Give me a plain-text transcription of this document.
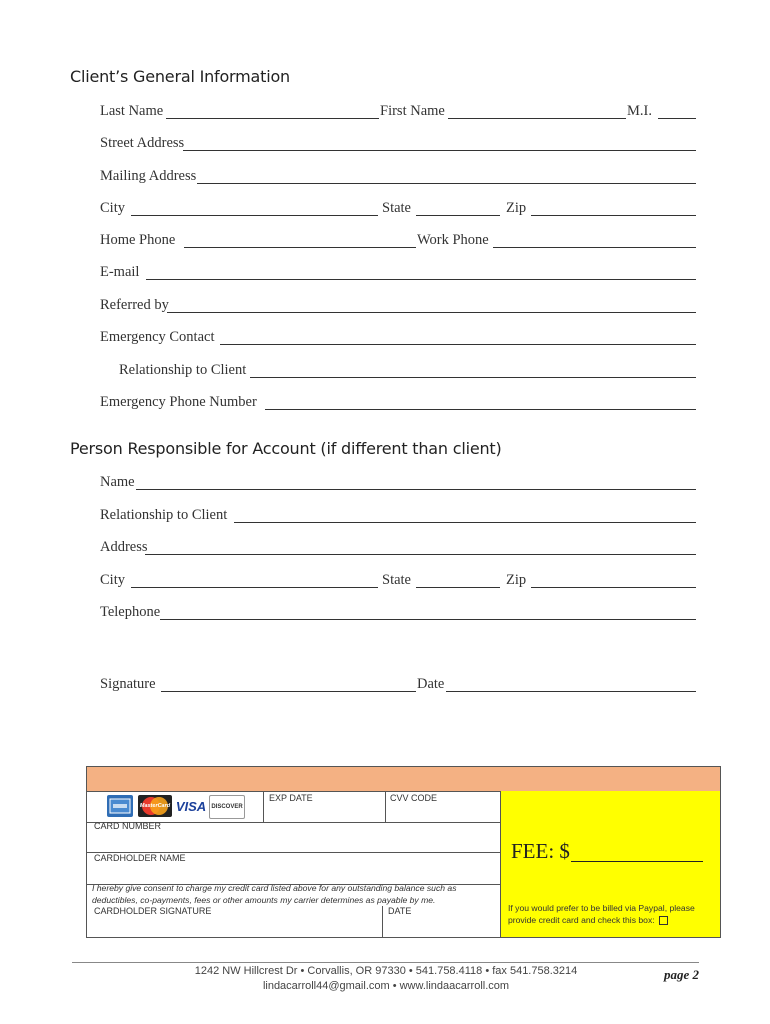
Client’s General Information
Last Name	First Name	M.I.
Street Address
Mailing Address
City	State	Zip
Home Phone	Work Phone
E-mail
Referred by
Emergency Contact
Relationship to Client
Emergency Phone Number
Person Responsible for Account (if different than client)
Name
Relationship to Client
Address
City	State	Zip
Telephone
Signature	Date
MasterCard VISA DISCOVER
EXP DATE	CVV CODE
CARD NUMBER
CARDHOLDER NAME
I hereby give consent to charge my credit card listed above for any outstanding balance such as deductibles, co-payments, fees or other amounts my carrier determines as payable by me.
CARDHOLDER SIGNATURE	DATE
FEE: $
If you would prefer to be billed via Paypal, please provide credit card and check this box:
1242 NW Hillcrest Dr • Corvallis, OR 97330 • 541.758.4118 • fax 541.758.3214
lindacarroll44@gmail.com • www.lindaacarroll.com
page 2
